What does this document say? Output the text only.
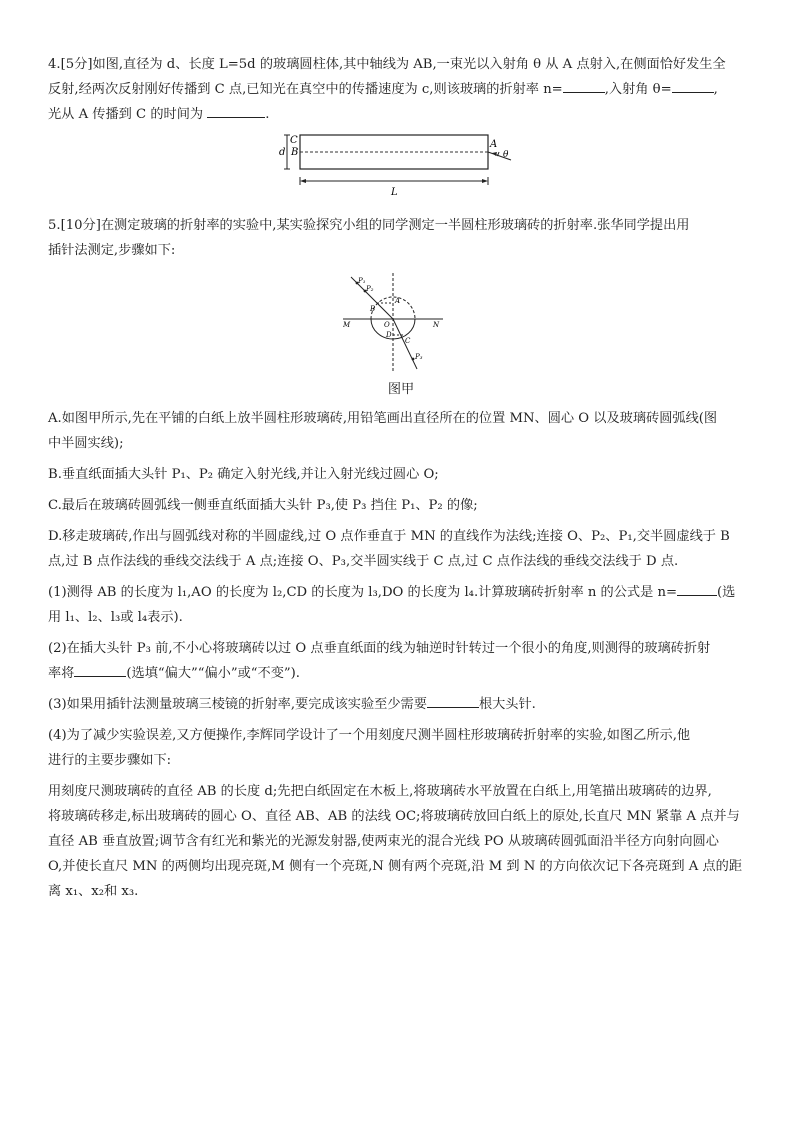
4.[5分]如图,直径为 d、长度 L=5d 的玻璃圆柱体,其中轴线为 AB,一束光以入射角 θ 从 A 点射入,在侧面恰好发生全

反射,经两次反射刚好传播到 C 点,已知光在真空中的传播速度为 c,则该玻璃的折射率 n=	,入射角 θ=	,

光从 A 传播到 C 的时间为	.

C
d B
A
θ
L

5.[10分]在测定玻璃的折射率的实验中,某实验探究小组的同学测定一半圆柱形玻璃砖的折射率.张华同学提出用

插针法测定,步骤如下:

P₁
P₂
P₃
A
B
C
D
O
M	N

图甲

A.如图甲所示,先在平铺的白纸上放半圆柱形玻璃砖,用铅笔画出直径所在的位置 MN、圆心 O 以及玻璃砖圆弧线(图

中半圆实线);

B.垂直纸面插大头针 P₁、P₂ 确定入射光线,并让入射光线过圆心 O;

C.最后在玻璃砖圆弧线一侧垂直纸面插大头针 P₃,使 P₃ 挡住 P₁、P₂ 的像;

D.移走玻璃砖,作出与圆弧线对称的半圆虚线,过 O 点作垂直于 MN 的直线作为法线;连接 O、P₂、P₁,交半圆虚线于 B

点,过 B 点作法线的垂线交法线于 A 点;连接 O、P₃,交半圆实线于 C 点,过 C 点作法线的垂线交法线于 D 点.

(1)测得 AB 的长度为 l₁,AO 的长度为 l₂,CD 的长度为 l₃,DO 的长度为 l₄.计算玻璃砖折射率 n 的公式是 n=	(选

用 l₁、l₂、l₃或 l₄表示).

(2)在插大头针 P₃ 前,不小心将玻璃砖以过 O 点垂直纸面的线为轴逆时针转过一个很小的角度,则测得的玻璃砖折射

率将	(选填“偏大”“偏小”或“不变”).

(3)如果用插针法测量玻璃三棱镜的折射率,要完成该实验至少需要	根大头针.

(4)为了减少实验误差,又方便操作,李辉同学设计了一个用刻度尺测半圆柱形玻璃砖折射率的实验,如图乙所示,他

进行的主要步骤如下:

用刻度尺测玻璃砖的直径 AB 的长度 d;先把白纸固定在木板上,将玻璃砖水平放置在白纸上,用笔描出玻璃砖的边界,

将玻璃砖移走,标出玻璃砖的圆心 O、直径 AB、AB 的法线 OC;将玻璃砖放回白纸上的原处,长直尺 MN 紧靠 A 点并与

直径 AB 垂直放置;调节含有红光和紫光的光源发射器,使两束光的混合光线 PO 从玻璃砖圆弧面沿半径方向射向圆心

O,并使长直尺 MN 的两侧均出现亮斑,M 侧有一个亮斑,N 侧有两个亮斑,沿 M 到 N 的方向依次记下各亮斑到 A 点的距

离 x₁、x₂和 x₃.
